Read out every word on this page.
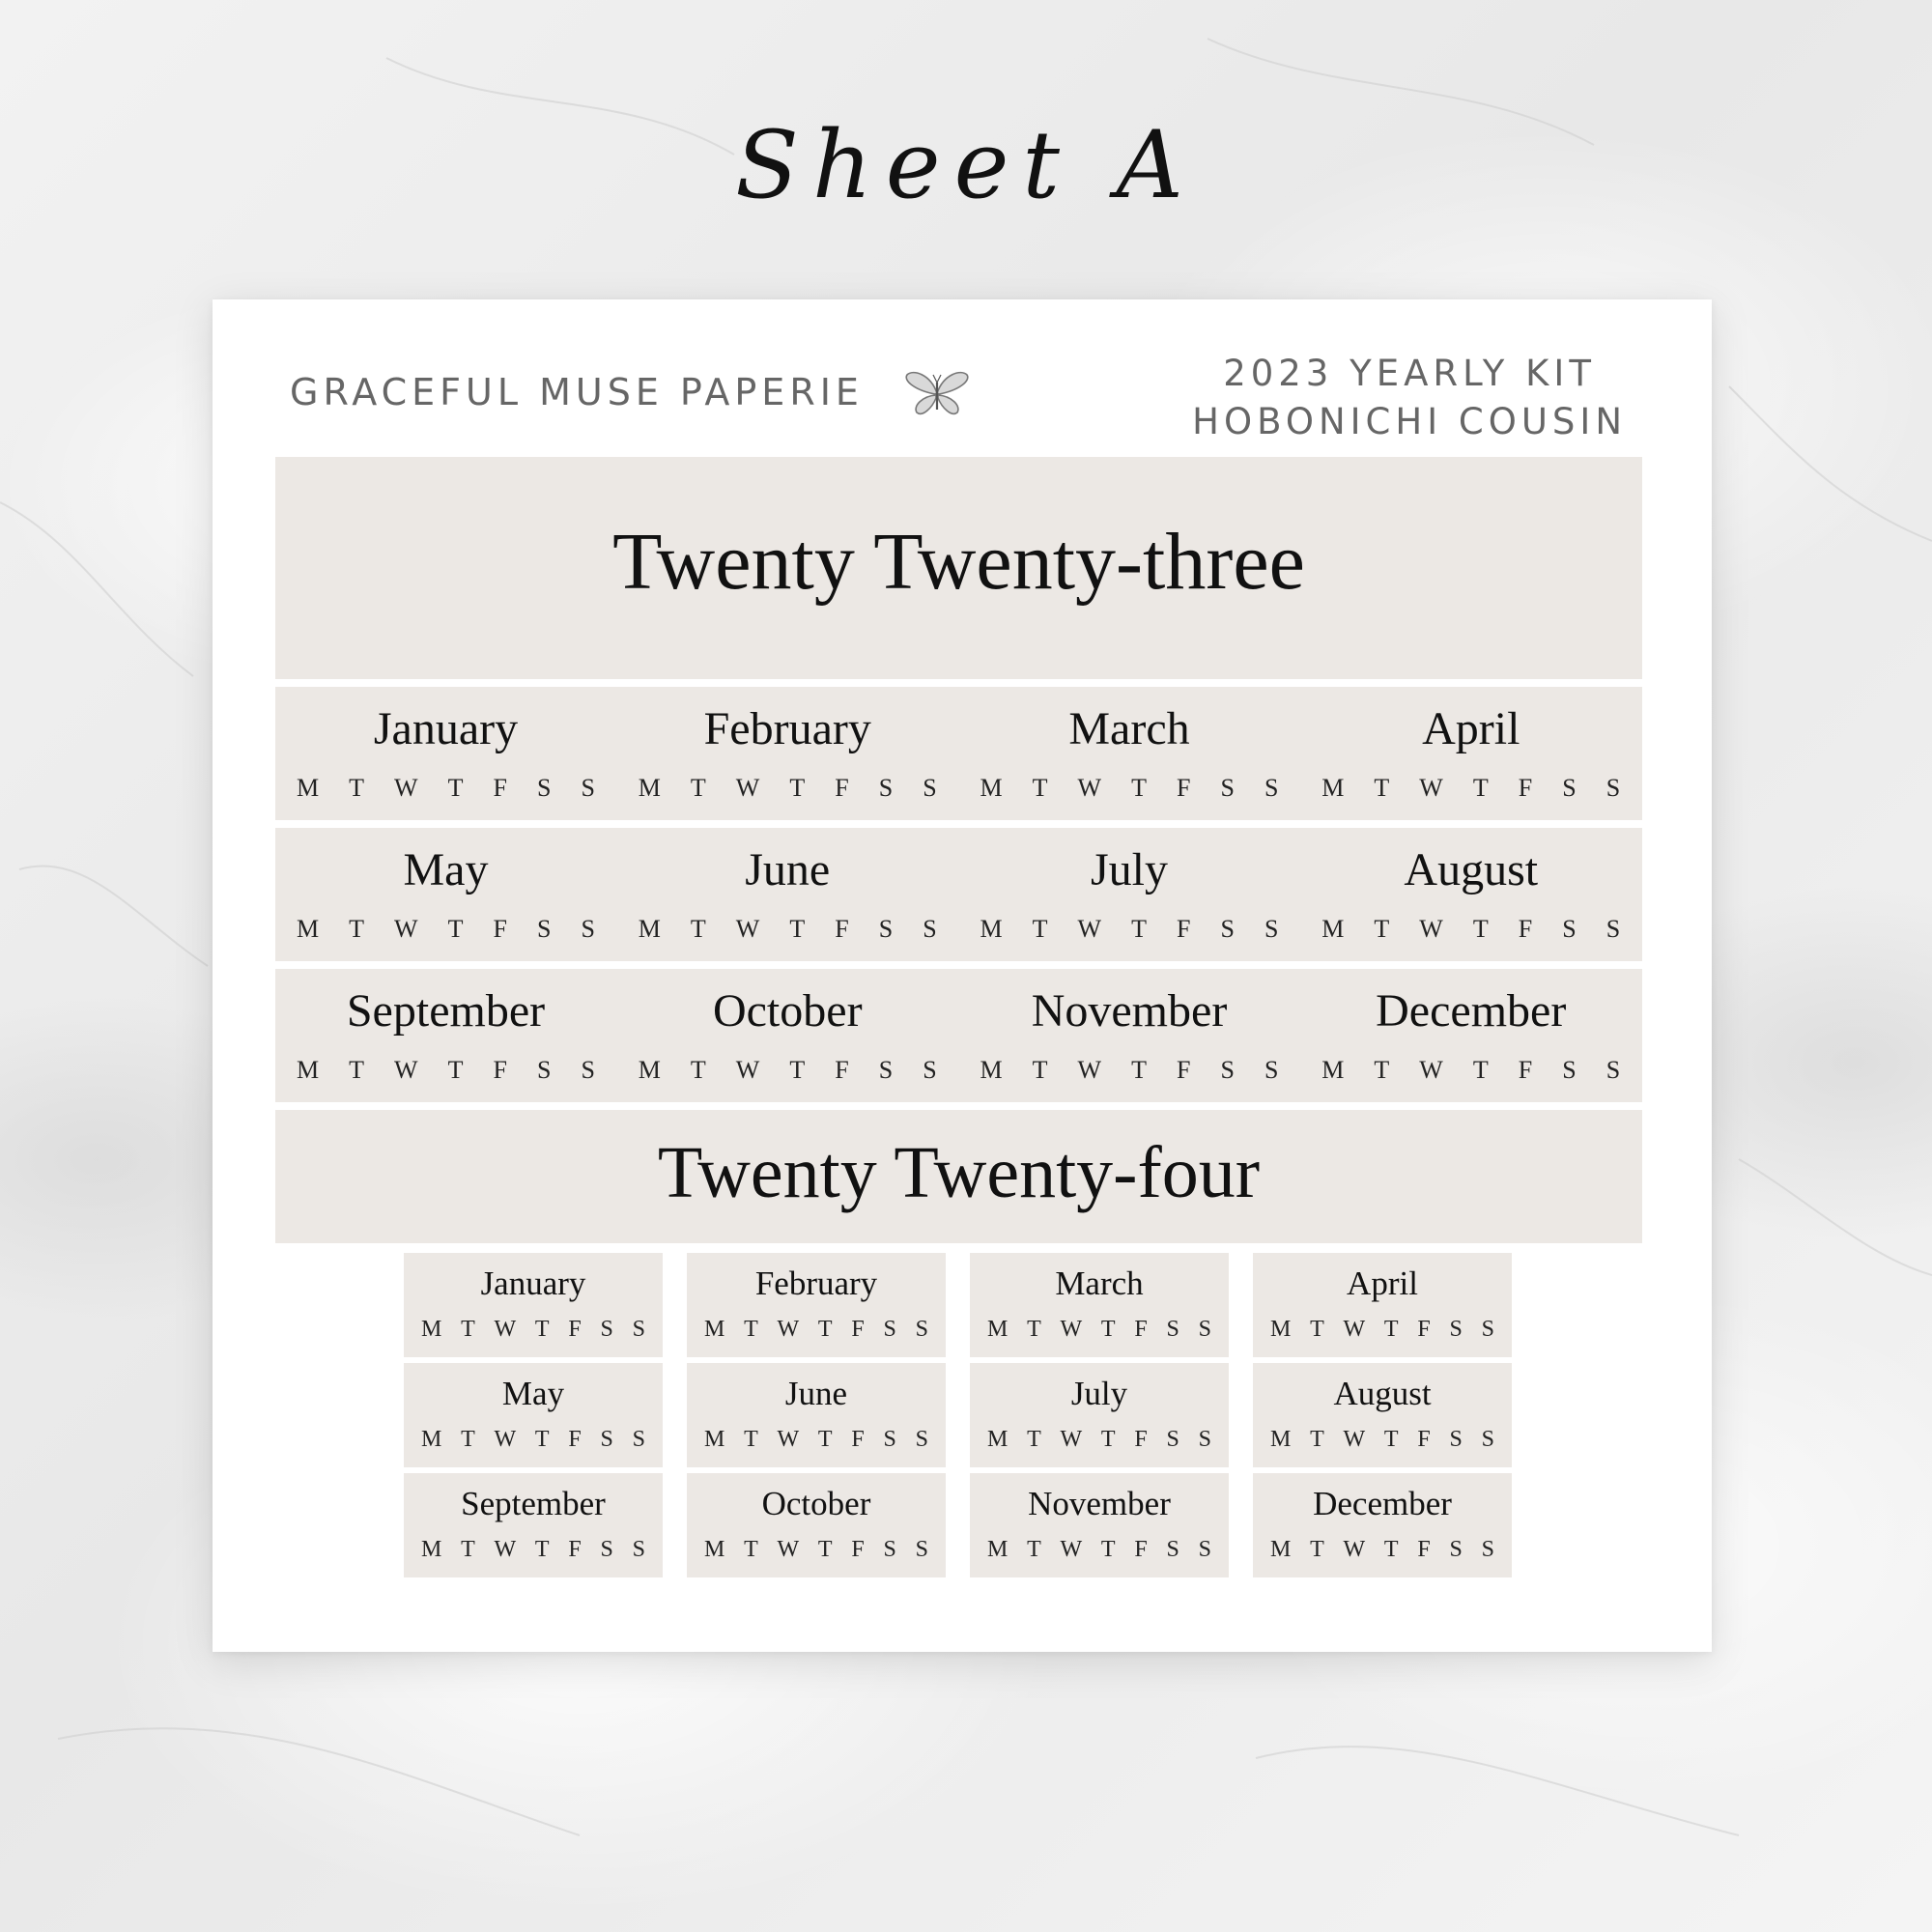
Sheet A
GRACEFUL MUSE PAPERIE	2023 YEARLY KIT
HOBONICHI COUSIN
Twenty Twenty-three
January
M T W T F S S
February
M T W T F S S
March
M T W T F S S
April
M T W T F S S
May
M T W T F S S
June
M T W T F S S
July
M T W T F S S
August
M T W T F S S
September
M T W T F S S
October
M T W T F S S
November
M T W T F S S
December
M T W T F S S
Twenty Twenty-four
January
M T W T F S S
February
M T W T F S S
March
M T W T F S S
April
M T W T F S S
May
M T W T F S S
June
M T W T F S S
July
M T W T F S S
August
M T W T F S S
September
M T W T F S S
October
M T W T F S S
November
M T W T F S S
December
M T W T F S S
